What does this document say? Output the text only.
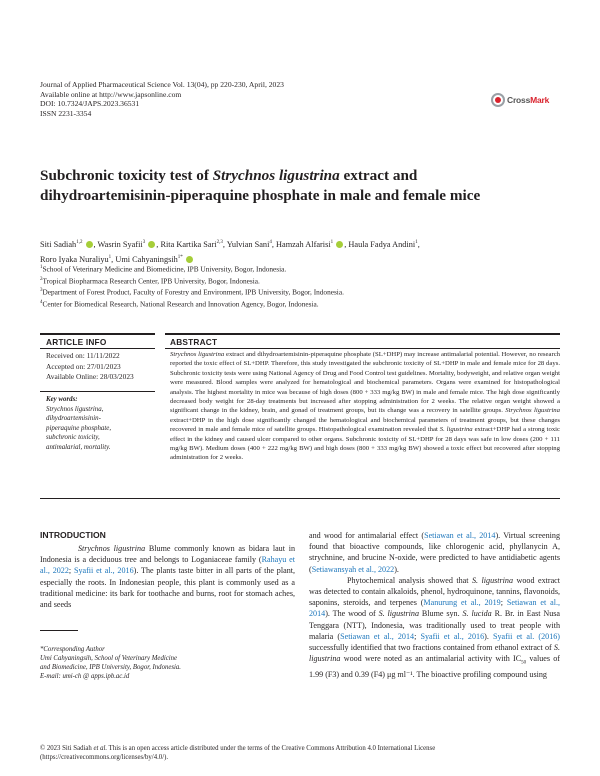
Journal of Applied Pharmaceutical Science Vol. 13(04), pp 220-230, April, 2023
Available online at http://www.japsonline.com
DOI: 10.7324/JAPS.2023.36531
ISSN 2231-3354
CrossMark
Subchronic toxicity test of Strychnos ligustrina extract and
dihydroartemisinin-piperaquine phosphate in male and female mice
Siti Sadiah$^{1,2}$ , Wasrin Syafii$^3$ , Rita Kartika Sari$^{2,3}$, Yulvian Sani$^4$, Hamzah Alfarisi$^1$ , Haula Fadya Andini$^1$,
Roro Iyaka Nuraliyu$^1$, Umi Cahyaningsih$^{1*}$
$^1$School of Veterinary Medicine and Biomedicine, IPB University, Bogor, Indonesia.
$^2$Tropical Biopharmaca Research Center, IPB University, Bogor, Indonesia.
$^3$Department of Forest Product, Faculty of Forestry and Environment, IPB University, Bogor, Indonesia.
$^4$Center for Biomedical Research, National Research and Innovation Agency, Bogor, Indonesia.
ARTICLE INFO
Received on: 11/11/2022
Accepted on: 27/01/2023
Available Online: 28/03/2023
Key words:
Strychnos ligustrina,
dihydroartemisinin-
piperaquine phosphate,
subchronic toxicity,
antimalarial, mortality.
ABSTRACT
Strychnos ligustrina extract and dihydroartemisinin-piperaquine phosphate (SL+DHP) may increase antimalarial potential. However, no research reported the toxic effect of SL+DHP. Therefore, this study investigated the subchronic toxicity of SL+DHP in male and female mice for 28 days. Subchronic toxicity tests were using National Agency of Drug and Food Control test guidelines. Mortality, bodyweight, and relative organ weight were measured. Blood samples were analyzed for hematological and biochemical parameters. Organs were examined for histopathological analysis. The highest mortality in mice was because of high doses (800 + 333 mg/kg BW) in male and female mice. The high dose significantly decreased body weight for 28-day treatments but increased after stopping administration for 2 weeks. The relative organ weight showed a significant change in the kidney, brain, and gonad of treatment groups, but its change was a recovery in satellite groups. Strychnos ligustrina extract+DHP in the high dose significantly changed the hematological and biochemical parameters of treatment groups, but these changes recovered in male and female mice of satellite groups. Histopathological examination revealed that S. ligustrina extract+DHP had a strong toxic effect in the kidney and caused ulcer compared to other organs. Subchronic toxicity of SL+DHP for 28 days was safe in low doses (200 + 111 mg/kg BW). Medium doses (400 + 222 mg/kg BW) and high doses (800 + 333 mg/kg BW) showed a toxic effect but recovered after stopping administration for 2 weeks.
INTRODUCTION
Strychnos ligustrina Blume commonly known as bidara laut in Indonesia is a deciduous tree and belongs to Loganiaceae family (Rahayu et al., 2022; Syafii et al., 2016). The plants taste bitter in all parts of the plant, especially the roots. In Indonesian people, this plant is commonly used as a traditional medicine: its bark for toothache and burns, root for stomach aches, and seeds
and wood for antimalarial effect (Setiawan et al., 2014). Virtual screening found that bioactive compounds, like chlorogenic acid, phyllanycin A, strychnine, and brucine N-oxide, were predicted to have antidiabetic agents (Setiawansyah et al., 2022).
Phytochemical analysis showed that S. ligustrina wood extract was detected to contain alkaloids, phenol, hydroquinone, tannins, flavonoids, saponins, steroids, and terpenes (Manurung et al., 2019; Setiawan et al., 2014). The wood of S. ligustrina Blume syn. S. lucida R. Br. in East Nusa Tenggara (NTT), Indonesia, was traditionally used to treat people with malaria (Setiawan et al., 2014; Syafii et al., 2016). Syafii et al. (2016) successfully identified that two fractions contained from ethanol extract of S. ligustrina wood were noted as an antimalarial activity with $IC_{50}$ values of 1.99 (F3) and 0.39 (F4) μg ml⁻¹. The bioactive profiling compound using
*Corresponding Author
Umi Cahyaningsih, School of Veterinary Medicine
and Biomedicine, IPB University, Bogor, Indonesia.
E-mail: umi-ch @ apps.ipb.ac.id
© 2023 Siti Sadiah et al. This is an open access article distributed under the terms of the Creative Commons Attribution 4.0 International License
(https://creativecommons.org/licenses/by/4.0/).
